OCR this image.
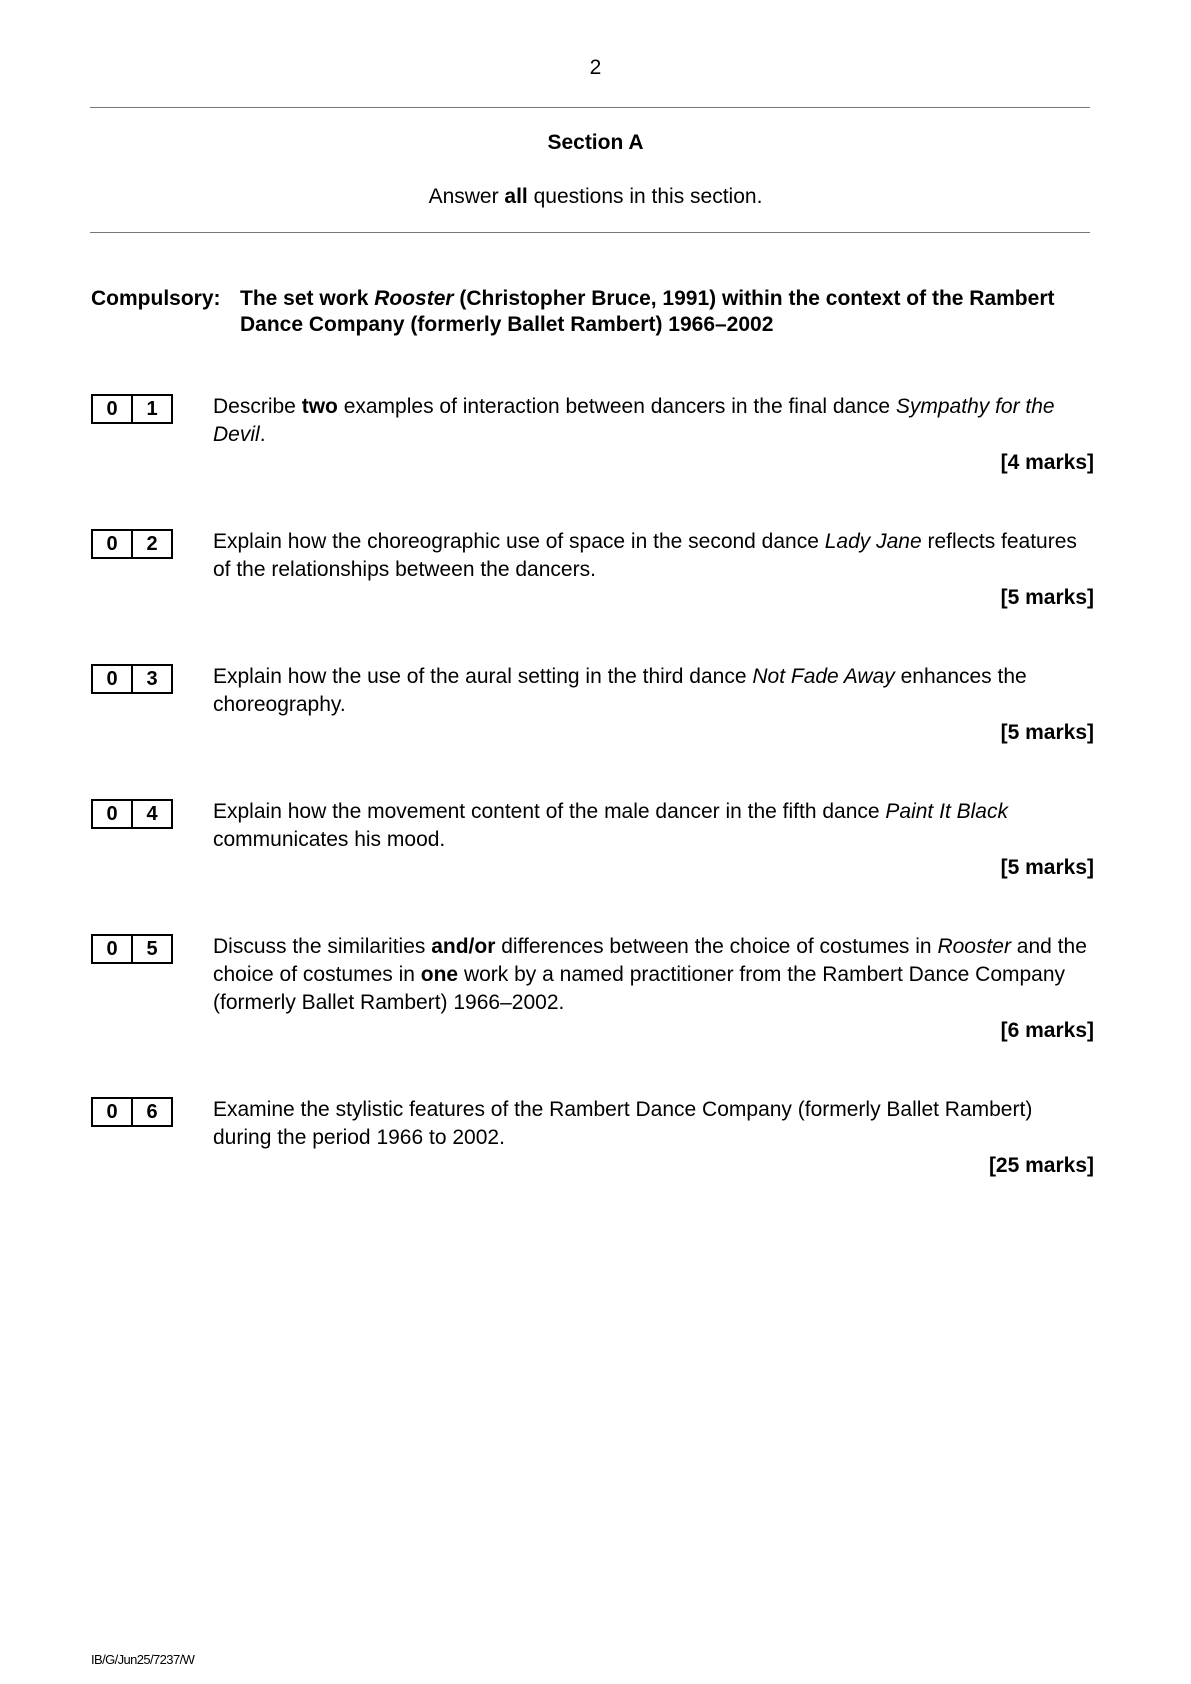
2
Section A
Answer all questions in this section.
Compulsory: The set work Rooster (Christopher Bruce, 1991) within the context of the Rambert Dance Company (formerly Ballet Rambert) 1966–2002
0	1	Describe two examples of interaction between dancers in the final dance Sympathy for the Devil.
[4 marks]
0	2	Explain how the choreographic use of space in the second dance Lady Jane reflects features of the relationships between the dancers.
[5 marks]
0	3	Explain how the use of the aural setting in the third dance Not Fade Away enhances the choreography.
[5 marks]
0	4	Explain how the movement content of the male dancer in the fifth dance Paint It Black communicates his mood.
[5 marks]
0	5	Discuss the similarities and/or differences between the choice of costumes in Rooster and the choice of costumes in one work by a named practitioner from the Rambert Dance Company (formerly Ballet Rambert) 1966–2002.
[6 marks]
0	6	Examine the stylistic features of the Rambert Dance Company (formerly Ballet Rambert) during the period 1966 to 2002.
[25 marks]
IB/G/Jun25/7237/W
